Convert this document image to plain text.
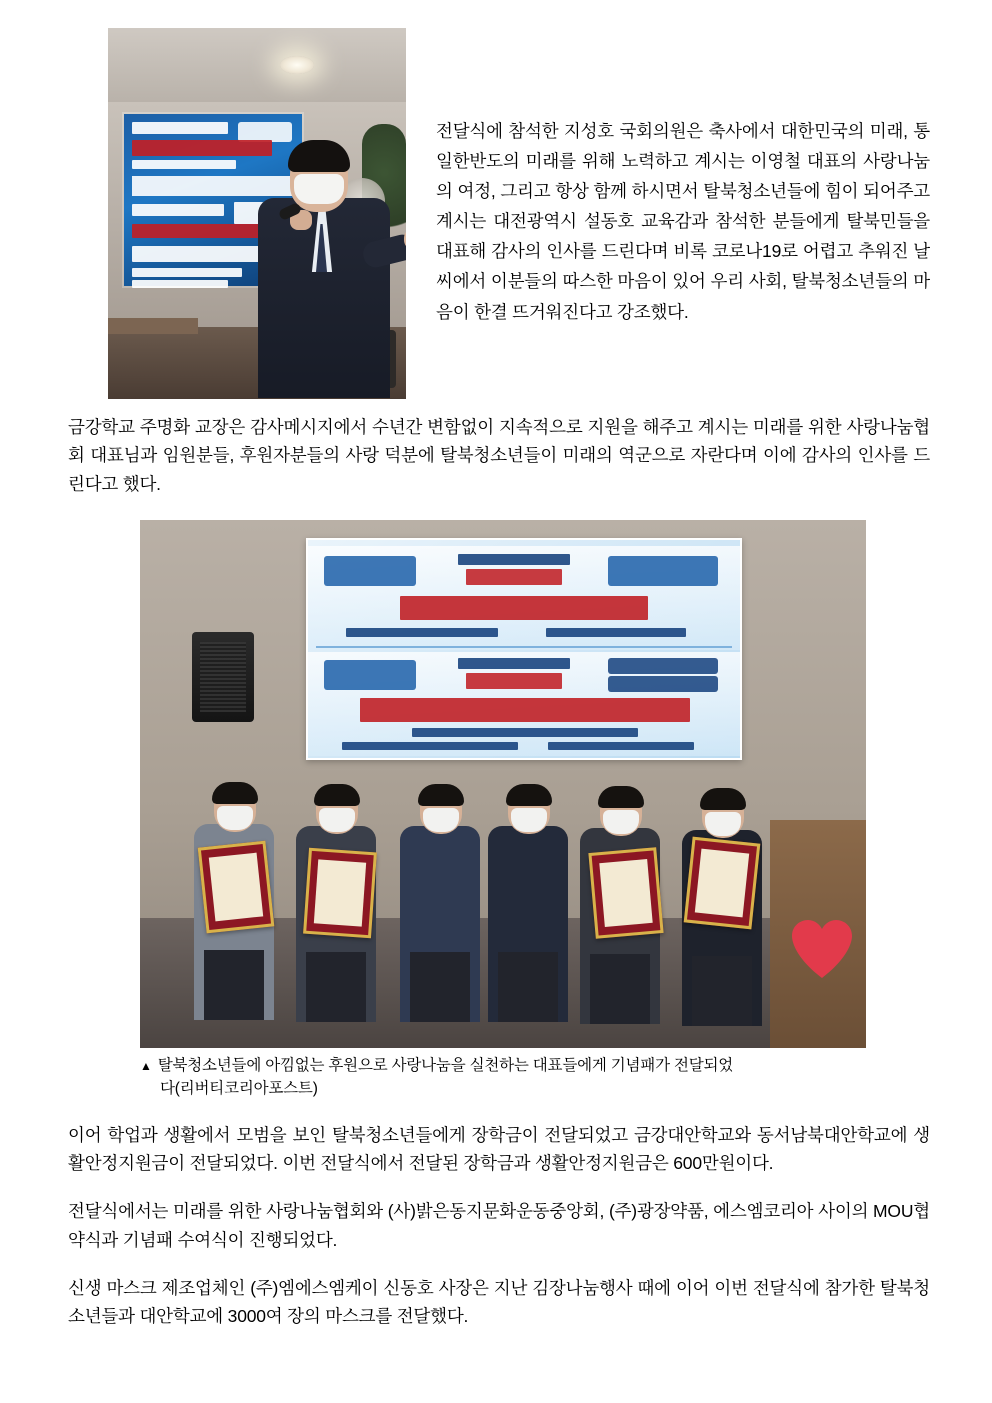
전달식에 참석한 지성호 국회의원은 축사에서 대한민국의 미래, 통일한반도의 미래를 위해 노력하고 계시는 이영철 대표의 사랑나눔의 여정, 그리고 항상 함께 하시면서 탈북청소년들에 힘이 되어주고 계시는 대전광역시 설동호 교육감과 참석한 분들에게 탈북민들을 대표해 감사의 인사를 드린다며 비록 코로나19로 어렵고 추워진 날씨에서 이분들의 따스한 마음이 있어 우리 사회, 탈북청소년들의 마음이 한결 뜨거워진다고 강조했다.

금강학교 주명화 교장은 감사메시지에서 수년간 변함없이 지속적으로 지원을 해주고 계시는 미래를 위한 사랑나눔협회 대표님과 임원분들, 후원자분들의 사랑 덕분에 탈북청소년들이 미래의 역군으로 자란다며 이에 감사의 인사를 드린다고 했다.

▲탈북청소년들에 아낌없는 후원으로 사랑나눔을 실천하는 대표들에게 기념패가 전달되었
다(리버티코리아포스트)

이어 학업과 생활에서 모범을 보인 탈북청소년들에게 장학금이 전달되었고 금강대안학교와 동서남북대안학교에 생활안정지원금이 전달되었다. 이번 전달식에서 전달된 장학금과 생활안정지원금은 600만원이다.

전달식에서는 미래를 위한 사랑나눔협회와 (사)밝은동지문화운동중앙회, (주)광장약품, 에스엠코리아 사이의 MOU협약식과 기념패 수여식이 진행되었다.

신생 마스크 제조업체인 (주)엠에스엠케이 신동호 사장은 지난 김장나눔행사 때에 이어 이번 전달식에 참가한 탈북청소년들과 대안학교에 3000여 장의 마스크를 전달했다.
